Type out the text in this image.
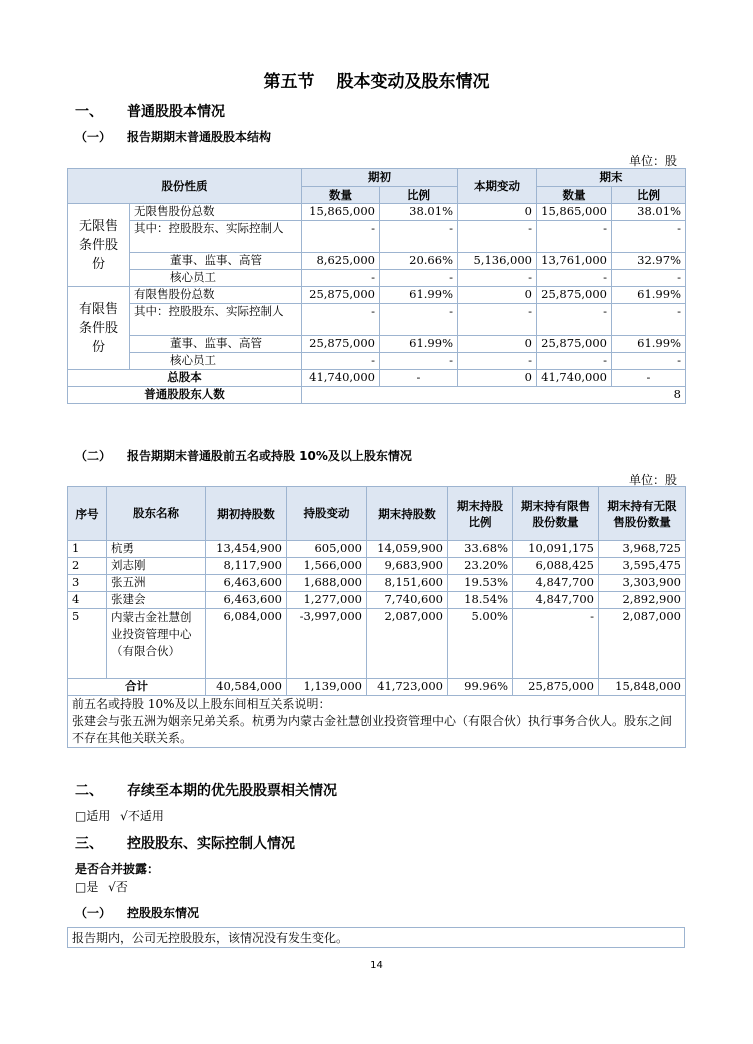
第五节 股本变动及股东情况
一、 普通股股本情况
（一） 报告期期末普通股股本结构
单位：股
股份性质		期初		本期变动	期末	
		数量	比例		数量	比例
无限售条件股份	无限售股份总数	15,865,000	38.01%	0	15,865,000	38.01%
	其中：控股股东、实际控制人	-	-	-	-	-
	董事、监事、高管	8,625,000	20.66%	5,136,000	13,761,000	32.97%
	核心员工	-	-	-	-	-
有限售条件股份	有限售股份总数	25,875,000	61.99%	0	25,875,000	61.99%
	其中：控股股东、实际控制人	-	-	-	-	-
	董事、监事、高管	25,875,000	61.99%	0	25,875,000	61.99%
	核心员工	-	-	-	-	-
总股本		41,740,000	-	0	41,740,000	-
普通股股东人数		8				
（二） 报告期期末普通股前五名或持股 10%及以上股东情况
单位：股
序号	股东名称	期初持股数	持股变动	期末持股数	期末持股比例	期末持有限售股份数量	期末持有无限售股份数量
1	杭勇	13,454,900	605,000	14,059,900	33.68%	10,091,175	3,968,725
2	刘志刚	8,117,900	1,566,000	9,683,900	23.20%	6,088,425	3,595,475
3	张五洲	6,463,600	1,688,000	8,151,600	19.53%	4,847,700	3,303,900
4	张建会	6,463,600	1,277,000	7,740,600	18.54%	4,847,700	2,892,900
5	内蒙古金社慧创业投资管理中心（有限合伙）	6,084,000	-3,997,000	2,087,000	5.00%	-	2,087,000
合计		40,584,000	1,139,000	41,723,000	99.96%	25,875,000	15,848,000

前五名或持股 10%及以上股东间相互关系说明：
张建会与张五洲为姻亲兄弟关系。杭勇为内蒙古金社慧创业投资管理中心（有限合伙）执行事务合伙人。股东之间不存在其他关联关系。							
二、 存续至本期的优先股股票相关情况
□适用 √不适用
三、 控股股东、实际控制人情况
是否合并披露：
□是 √否
（一） 控股股东情况
报告期内，公司无控股股东，该情况没有发生变化。
14
